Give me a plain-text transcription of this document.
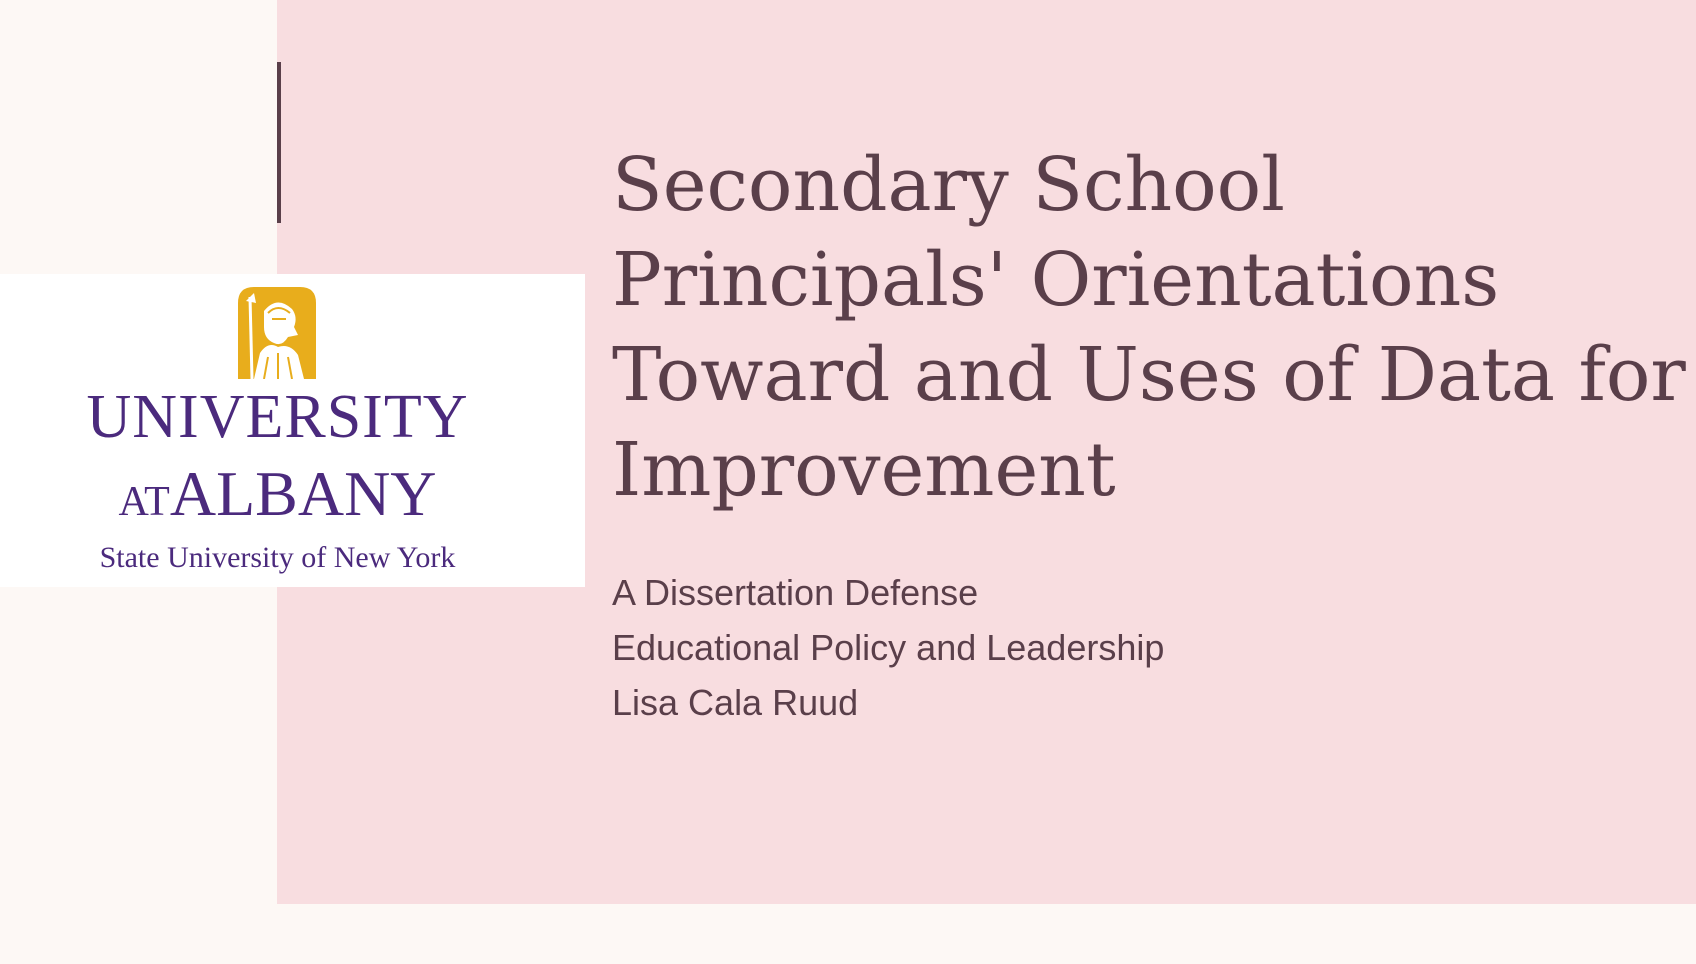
UNIVERSITY
ATALBANY
State University of New York
Secondary School Principals' Orientations Toward and Uses of Data for Improvement
A Dissertation Defense
Educational Policy and Leadership
Lisa Cala Ruud
